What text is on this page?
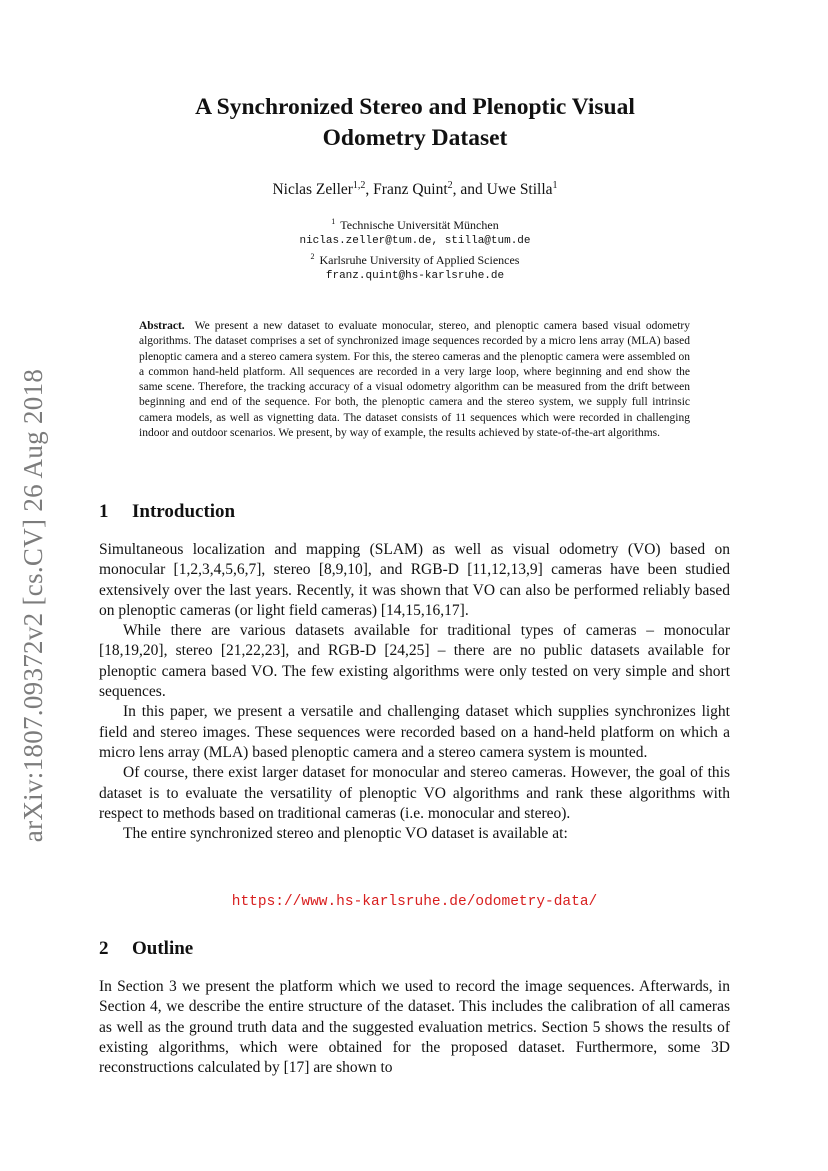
arXiv:1807.09372v2 [cs.CV] 26 Aug 2018
A Synchronized Stereo and Plenoptic Visual
Odometry Dataset
Niclas Zeller$^{1,2}$, Franz Quint$^2$, and Uwe Stilla$^1$
$^1$ Technische Universität München
niclas.zeller@tum.de, stilla@tum.de
$^2$ Karlsruhe University of Applied Sciences
franz.quint@hs-karlsruhe.de
Abstract. We present a new dataset to evaluate monocular, stereo, and plenoptic camera based visual odometry algorithms. The dataset comprises a set of synchronized image sequences recorded by a micro lens array (MLA) based plenoptic camera and a stereo camera system. For this, the stereo cameras and the plenoptic camera were assembled on a common hand-held platform. All sequences are recorded in a very large loop, where beginning and end show the same scene. Therefore, the tracking accuracy of a visual odometry algorithm can be measured from the drift between beginning and end of the sequence. For both, the plenoptic camera and the stereo system, we supply full intrinsic camera models, as well as vignetting data. The dataset consists of 11 sequences which were recorded in challenging indoor and outdoor scenarios. We present, by way of example, the results achieved by state-of-the-art algorithms.
1 Introduction

Simultaneous localization and mapping (SLAM) as well as visual odometry (VO) based on monocular [1,2,3,4,5,6,7], stereo [8,9,10], and RGB-D [11,12,13,9] cameras have been studied extensively over the last years. Recently, it was shown that VO can also be performed reliably based on plenoptic cameras (or light field cameras) [14,15,16,17].

While there are various datasets available for traditional types of cameras – monocular [18,19,20], stereo [21,22,23], and RGB-D [24,25] – there are no public datasets available for plenoptic camera based VO. The few existing algorithms were only tested on very simple and short sequences.

In this paper, we present a versatile and challenging dataset which supplies synchronizes light field and stereo images. These sequences were recorded based on a hand-held platform on which a micro lens array (MLA) based plenoptic camera and a stereo camera system is mounted.

Of course, there exist larger dataset for monocular and stereo cameras. However, the goal of this dataset is to evaluate the versatility of plenoptic VO algorithms and rank these algorithms with respect to methods based on traditional cameras (i.e. monocular and stereo).

The entire synchronized stereo and plenoptic VO dataset is available at:

https://www.hs-karlsruhe.de/odometry-data/
2 Outline

In Section 3 we present the platform which we used to record the image sequences. Afterwards, in Section 4, we describe the entire structure of the dataset. This includes the calibration of all cameras as well as the ground truth data and the suggested evaluation metrics. Section 5 shows the results of existing algorithms, which were obtained for the proposed dataset. Furthermore, some 3D reconstructions calculated by [17] are shown to
